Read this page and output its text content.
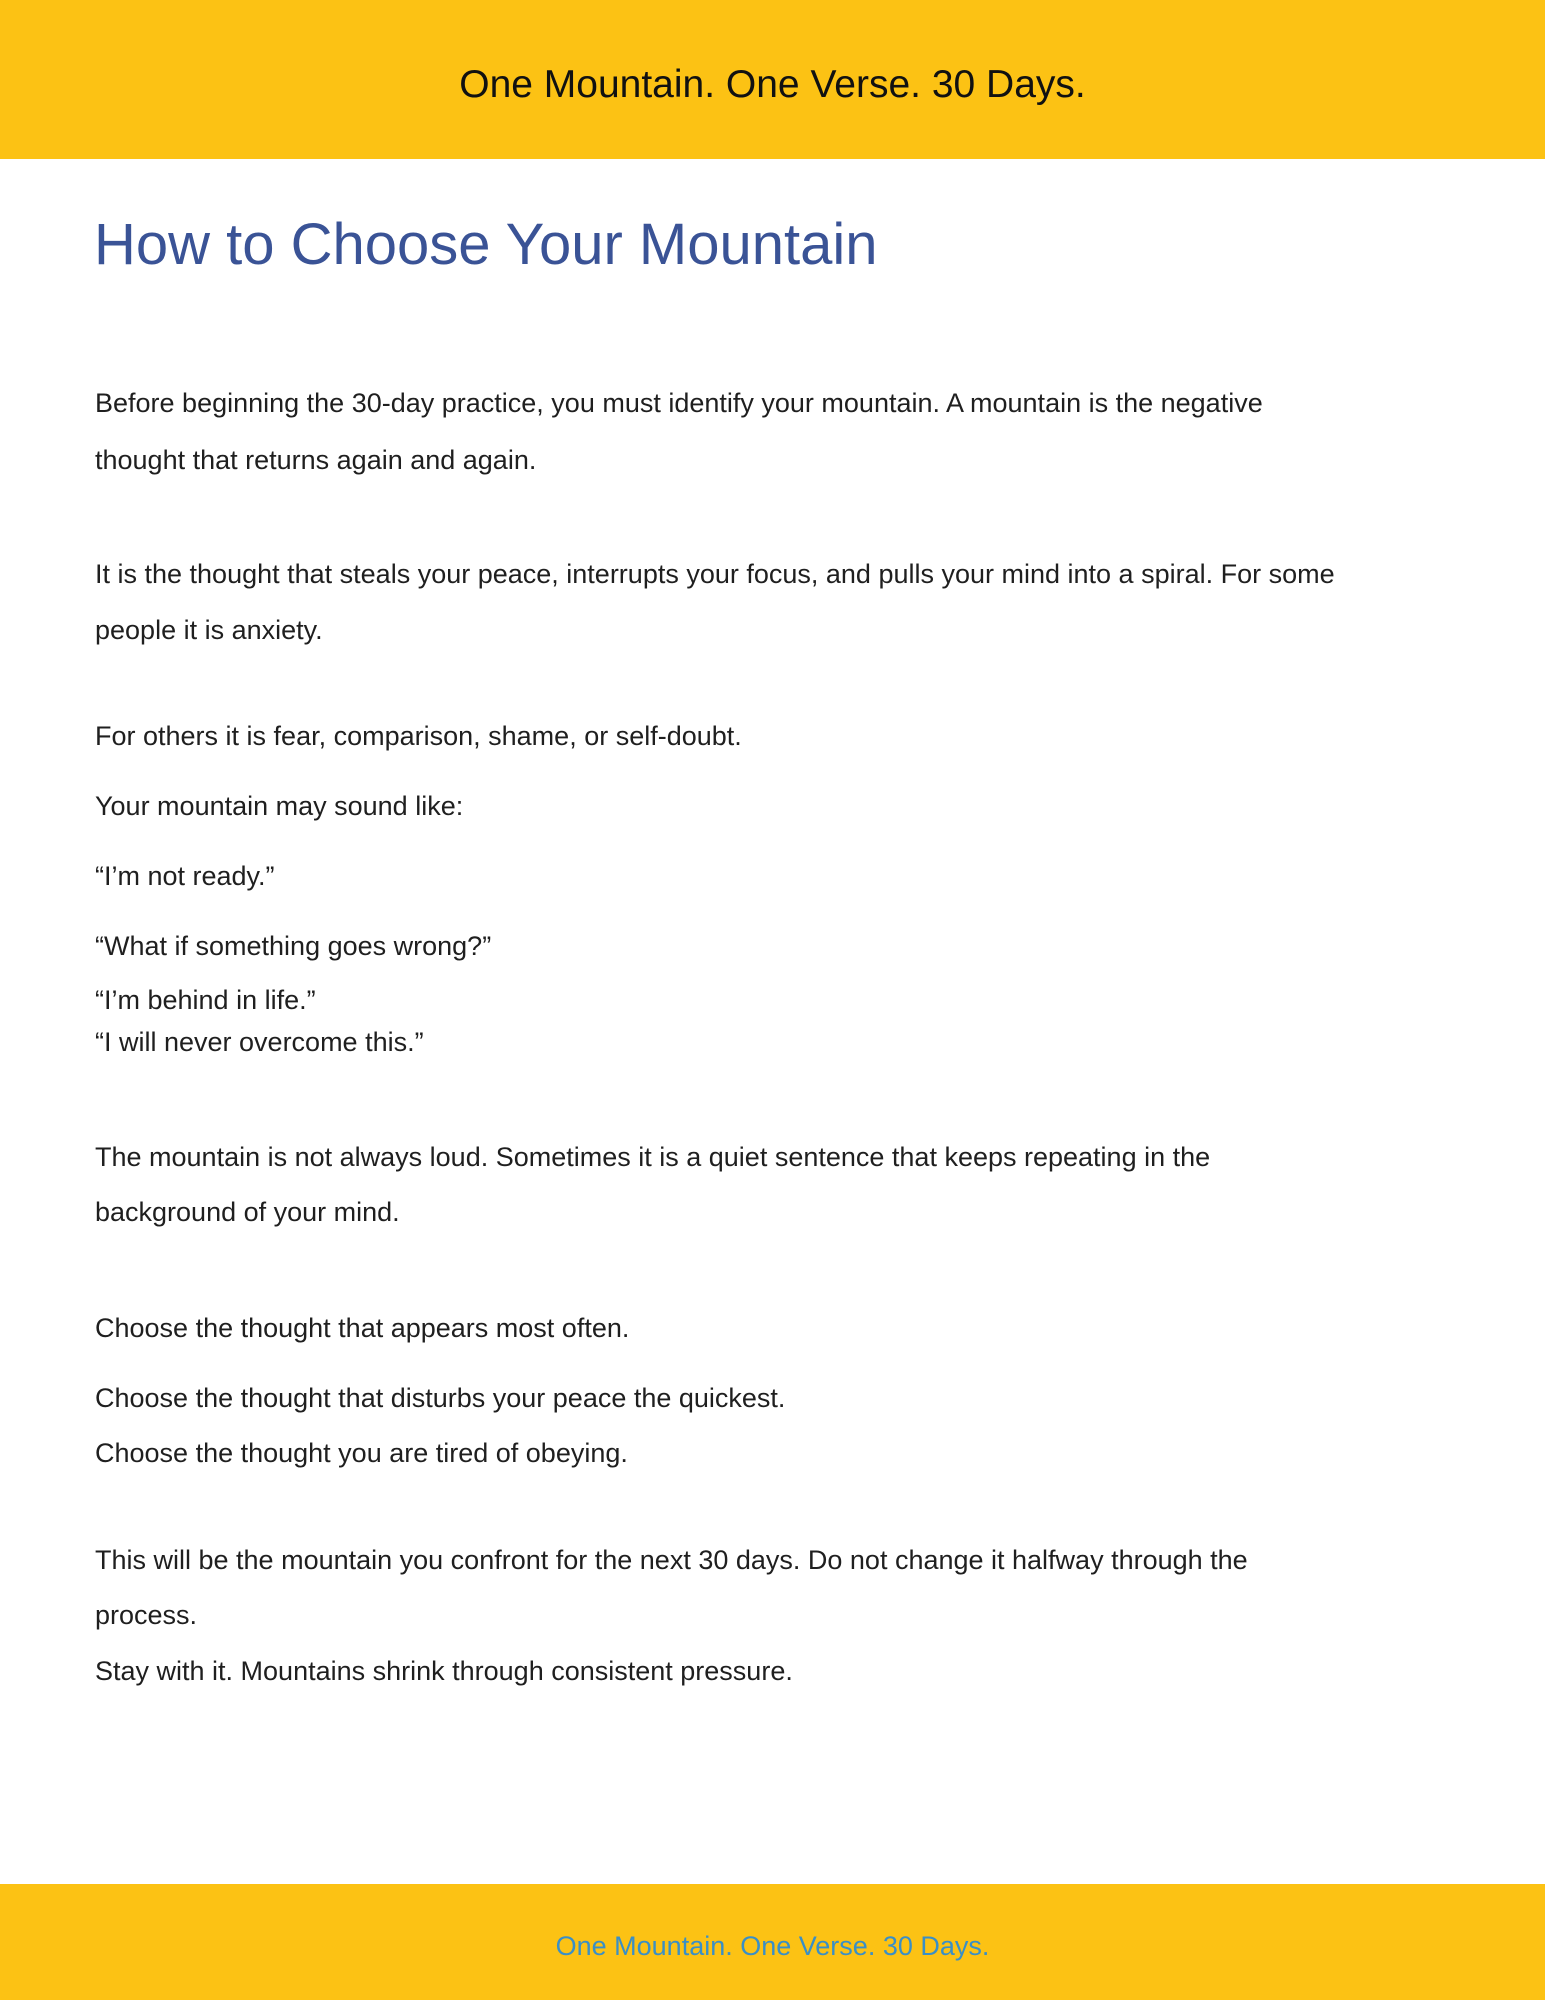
One Mountain. One Verse. 30 Days.
How to Choose Your Mountain

Before beginning the 30-day practice, you must identify your mountain. A mountain is the negative

thought that returns again and again.

It is the thought that steals your peace, interrupts your focus, and pulls your mind into a spiral. For some

people it is anxiety.

For others it is fear, comparison, shame, or self-doubt.

Your mountain may sound like:

“I’m not ready.”

“What if something goes wrong?”

“I’m behind in life.”

“I will never overcome this.”

The mountain is not always loud. Sometimes it is a quiet sentence that keeps repeating in the

background of your mind.

Choose the thought that appears most often.

Choose the thought that disturbs your peace the quickest.

Choose the thought you are tired of obeying.

This will be the mountain you confront for the next 30 days. Do not change it halfway through the

process.

Stay with it. Mountains shrink through consistent pressure.

One Mountain. One Verse. 30 Days.
